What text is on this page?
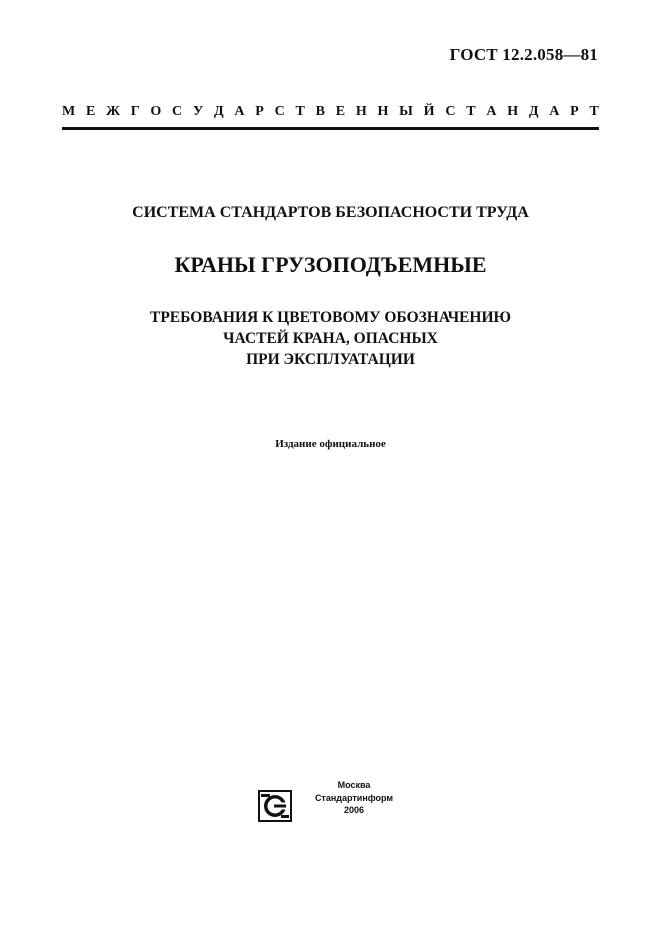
ГОСТ 12.2.058—81
М Е Ж Г О С У Д А Р С Т В Е Н Н Ы Й С Т А Н Д А Р Т
СИСТЕМА СТАНДАРТОВ БЕЗОПАСНОСТИ ТРУДА
КРАНЫ ГРУЗОПОДЪЕМНЫЕ
ТРЕБОВАНИЯ К ЦВЕТОВОМУ ОБОЗНАЧЕНИЮ
ЧАСТЕЙ КРАНА, ОПАСНЫХ
ПРИ ЭКСПЛУАТАЦИИ
Издание официальное
Москва
Стандартинформ
2006
